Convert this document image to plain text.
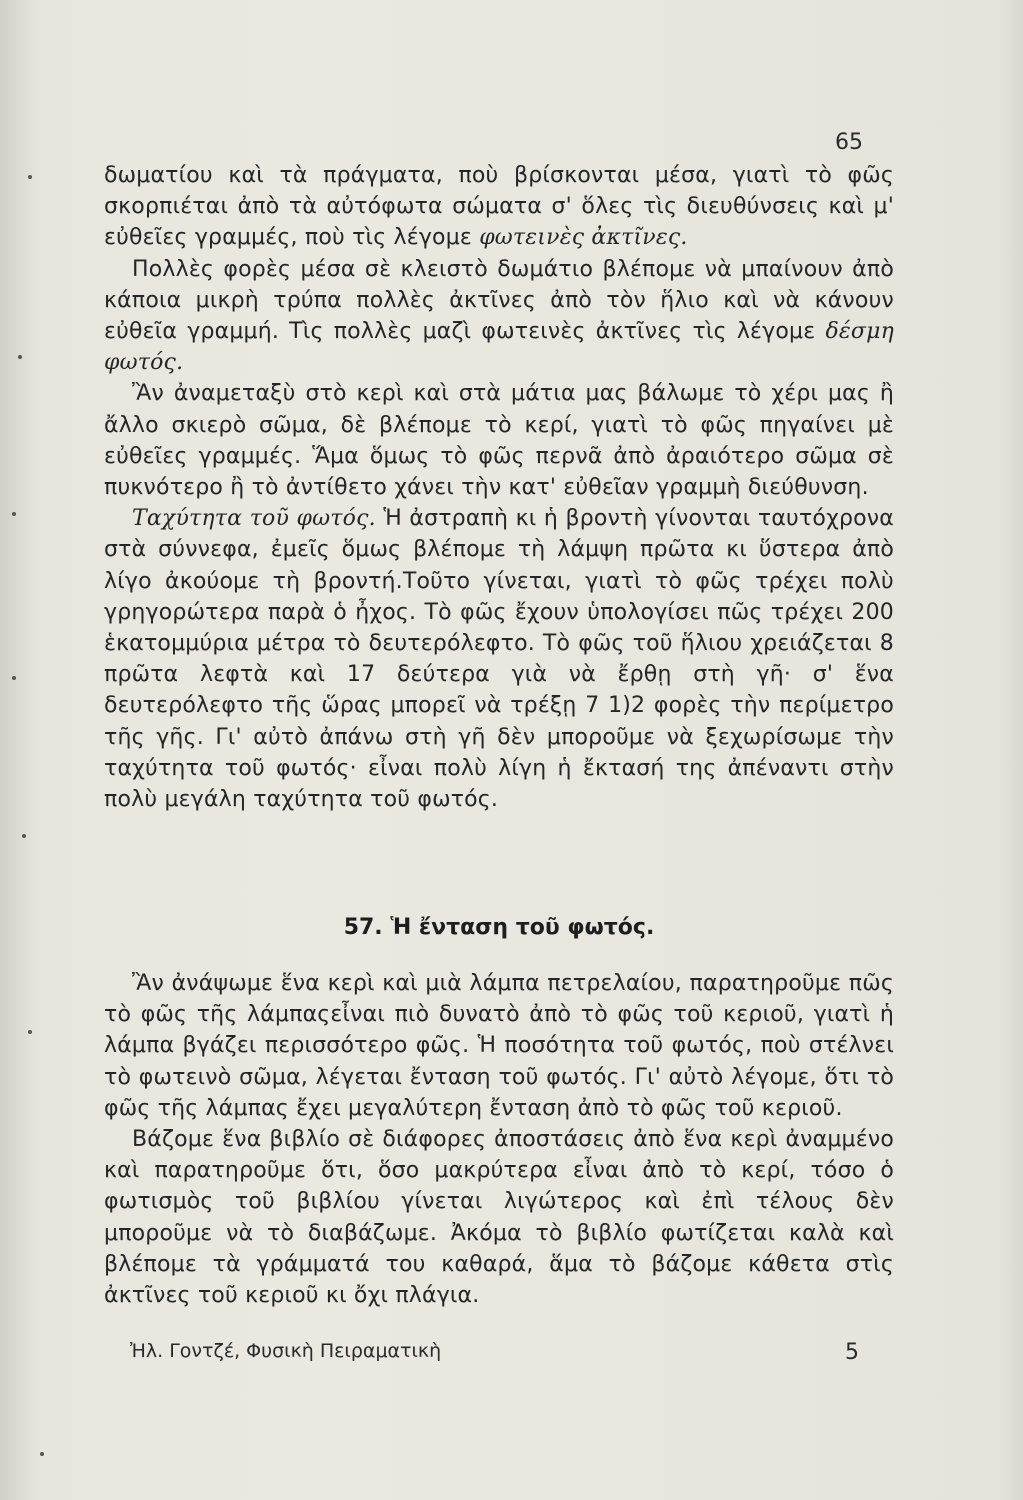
65

δωματίου καὶ τὰ πράγματα, ποὺ βρίσκονται μέσα, γιατὶ τὸ φῶς σκορπιέται ἀπὸ τὰ αὐτόφωτα σώματα σ' ὅλες τὶς διευθύνσεις καὶ μ' εὐθεῖες γραμμές, ποὺ τὶς λέγομε φωτεινὲς ἀκτῖνες.

Πολλὲς φορὲς μέσα σὲ κλειστὸ δωμάτιο βλέπομε νὰ μπαίνουν ἀπὸ κάποια μικρὴ τρύπα πολλὲς ἀκτῖνες ἀπὸ τὸν ἥλιο καὶ νὰ κάνουν εὐθεῖα γραμμή. Τὶς πολλὲς μαζὶ φωτεινὲς ἀκτῖνες τὶς λέγομε δέσμη φωτός.

Ἂν ἀναμεταξὺ στὸ κερὶ καὶ στὰ μάτια μας βάλωμε τὸ χέρι μας ἢ ἄλλο σκιερὸ σῶμα, δὲ βλέπομε τὸ κερί, γιατὶ τὸ φῶς πηγαίνει μὲ εὐθεῖες γραμμές. Ἅμα ὅμως τὸ φῶς περνᾶ ἀπὸ ἀραιότερο σῶμα σὲ πυκνότερο ἢ τὸ ἀντίθετο χάνει τὴν κατ' εὐθεῖαν γραμμὴ διεύθυνση.

Ταχύτητα τοῦ φωτός. Ἡ ἀστραπὴ κι ἡ βροντὴ γίνονται ταυτόχρονα στὰ σύννεφα, ἐμεῖς ὅμως βλέπομε τὴ λάμψη πρῶτα κι ὕστερα ἀπὸ λίγο ἀκούομε τὴ βροντή.Τοῦτο γίνεται, γιατὶ τὸ φῶς τρέχει πολὺ γρηγορώτερα παρὰ ὁ ἦχος. Τὸ φῶς ἔχουν ὑπολογίσει πῶς τρέχει 200 ἑκατομμύρια μέτρα τὸ δευτερόλεφτο. Τὸ φῶς τοῦ ἥλιου χρειάζεται 8 πρῶτα λεφτὰ καὶ 17 δεύτερα γιὰ νὰ ἔρθῃ στὴ γῆ· σ' ἕνα δευτερόλεφτο τῆς ὥρας μπορεῖ νὰ τρέξῃ 7 1)2 φορὲς τὴν περίμετρο τῆς γῆς. Γι' αὐτὸ ἀπάνω στὴ γῆ δὲν μποροῦμε νὰ ξεχωρίσωμε τὴν ταχύτητα τοῦ φωτός· εἶναι πολὺ λίγη ἡ ἔκτασή της ἀπέναντι στὴν πολὺ μεγάλη ταχύτητα τοῦ φωτός.

57. Ἡ ἔνταση τοῦ φωτός.

Ἂν ἀνάψωμε ἕνα κερὶ καὶ μιὰ λάμπα πετρελαίου, παρατηροῦμε πῶς τὸ φῶς τῆς λάμπαςεἶναι πιὸ δυνατὸ ἀπὸ τὸ φῶς τοῦ κεριοῦ, γιατὶ ἡ λάμπα βγάζει περισσότερο φῶς. Ἡ ποσότητα τοῦ φωτός, ποὺ στέλνει τὸ φωτεινὸ σῶμα, λέγεται ἔνταση τοῦ φωτός. Γι' αὐτὸ λέγομε, ὅτι τὸ φῶς τῆς λάμπας ἔχει μεγαλύτερη ἔνταση ἀπὸ τὸ φῶς τοῦ κεριοῦ.

Βάζομε ἕνα βιβλίο σὲ διάφορες ἀποστάσεις ἀπὸ ἕνα κερὶ ἀναμμένο καὶ παρατηροῦμε ὅτι, ὅσο μακρύτερα εἶναι ἀπὸ τὸ κερί, τόσο ὁ φωτισμὸς τοῦ βιβλίου γίνεται λιγώτερος καὶ ἐπὶ τέλους δὲν μποροῦμε νὰ τὸ διαβάζωμε. Ἀκόμα τὸ βιβλίο φωτίζεται καλὰ καὶ βλέπομε τὰ γράμματά του καθαρά, ἅμα τὸ βάζομε κάθετα στὶς ἀκτῖνες τοῦ κεριοῦ κι ὄχι πλάγια.

Ἠλ. Γοντζέ, Φυσικὴ Πειραματικὴ	5
